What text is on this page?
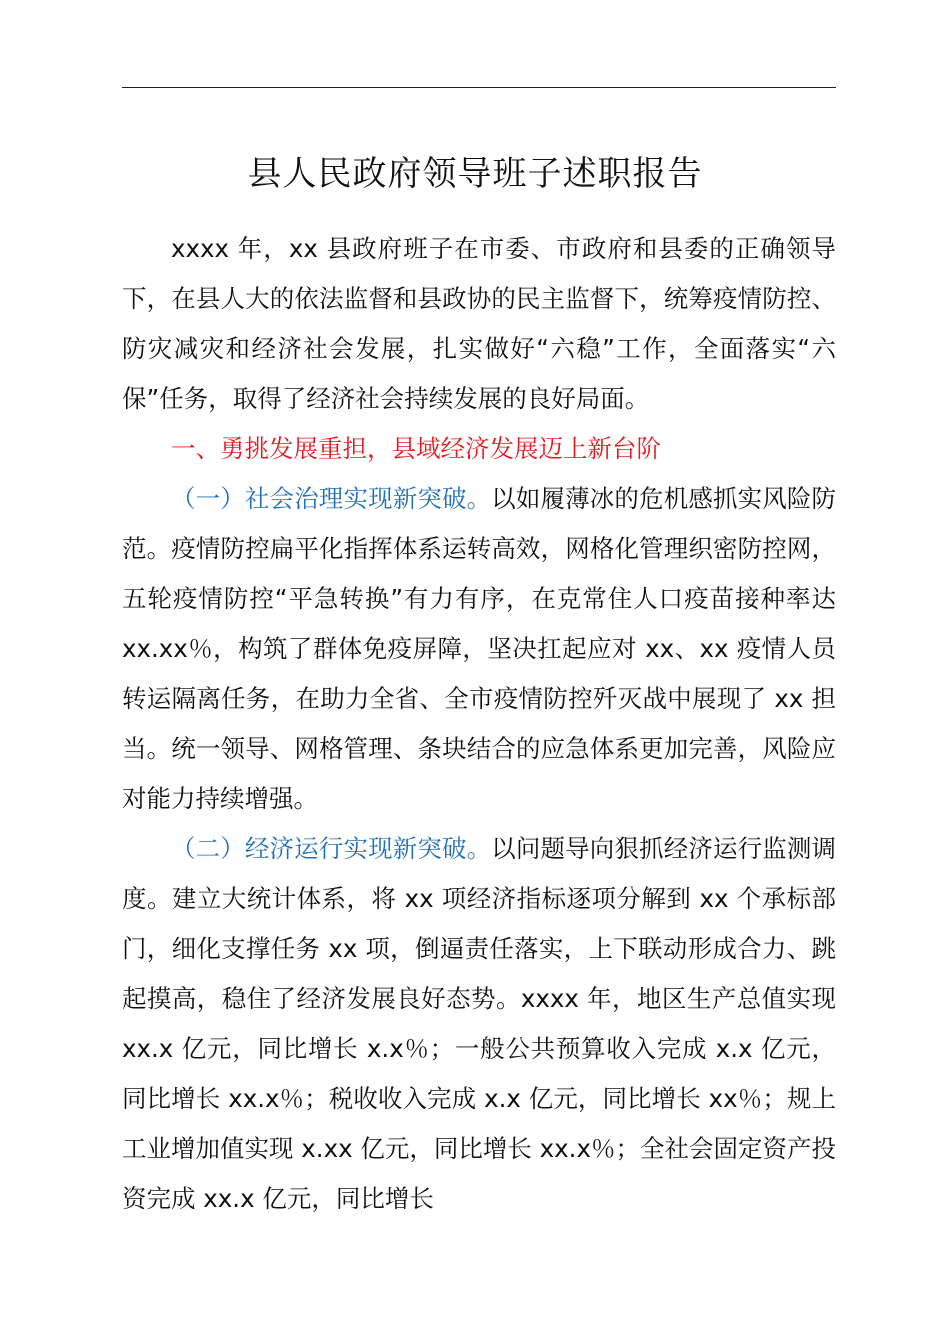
县人民政府领导班子述职报告

xxxx 年，xx 县政府班子在市委、市政府和县委的正确领导下，在县人大的依法监督和县政协的民主监督下，统筹疫情防控、防灾减灾和经济社会发展，扎实做好“六稳”工作，全面落实“六保”任务，取得了经济社会持续发展的良好局面。

一、勇挑发展重担，县域经济发展迈上新台阶

（一）社会治理实现新突破。以如履薄冰的危机感抓实风险防范。疫情防控扁平化指挥体系运转高效，网格化管理织密防控网，五轮疫情防控“平急转换”有力有序，在克常住人口疫苗接种率达 xx.xx％，构筑了群体免疫屏障，坚决扛起应对 xx、xx 疫情人员转运隔离任务，在助力全省、全市疫情防控歼灭战中展现了 xx 担当。统一领导、网格管理、条块结合的应急体系更加完善，风险应对能力持续增强。

（二）经济运行实现新突破。以问题导向狠抓经济运行监测调度。建立大统计体系，将 xx 项经济指标逐项分解到 xx 个承标部门，细化支撑任务 xx 项，倒逼责任落实，上下联动形成合力、跳起摸高，稳住了经济发展良好态势。xxxx 年，地区生产总值实现 xx.x 亿元，同比增长 x.x％；一般公共预算收入完成 x.x 亿元，同比增长 xx.x％；税收收入完成 x.x 亿元，同比增长 xx％；规上工业增加值实现 x.xx 亿元，同比增长 xx.x％；全社会固定资产投资完成 xx.x 亿元，同比增长
